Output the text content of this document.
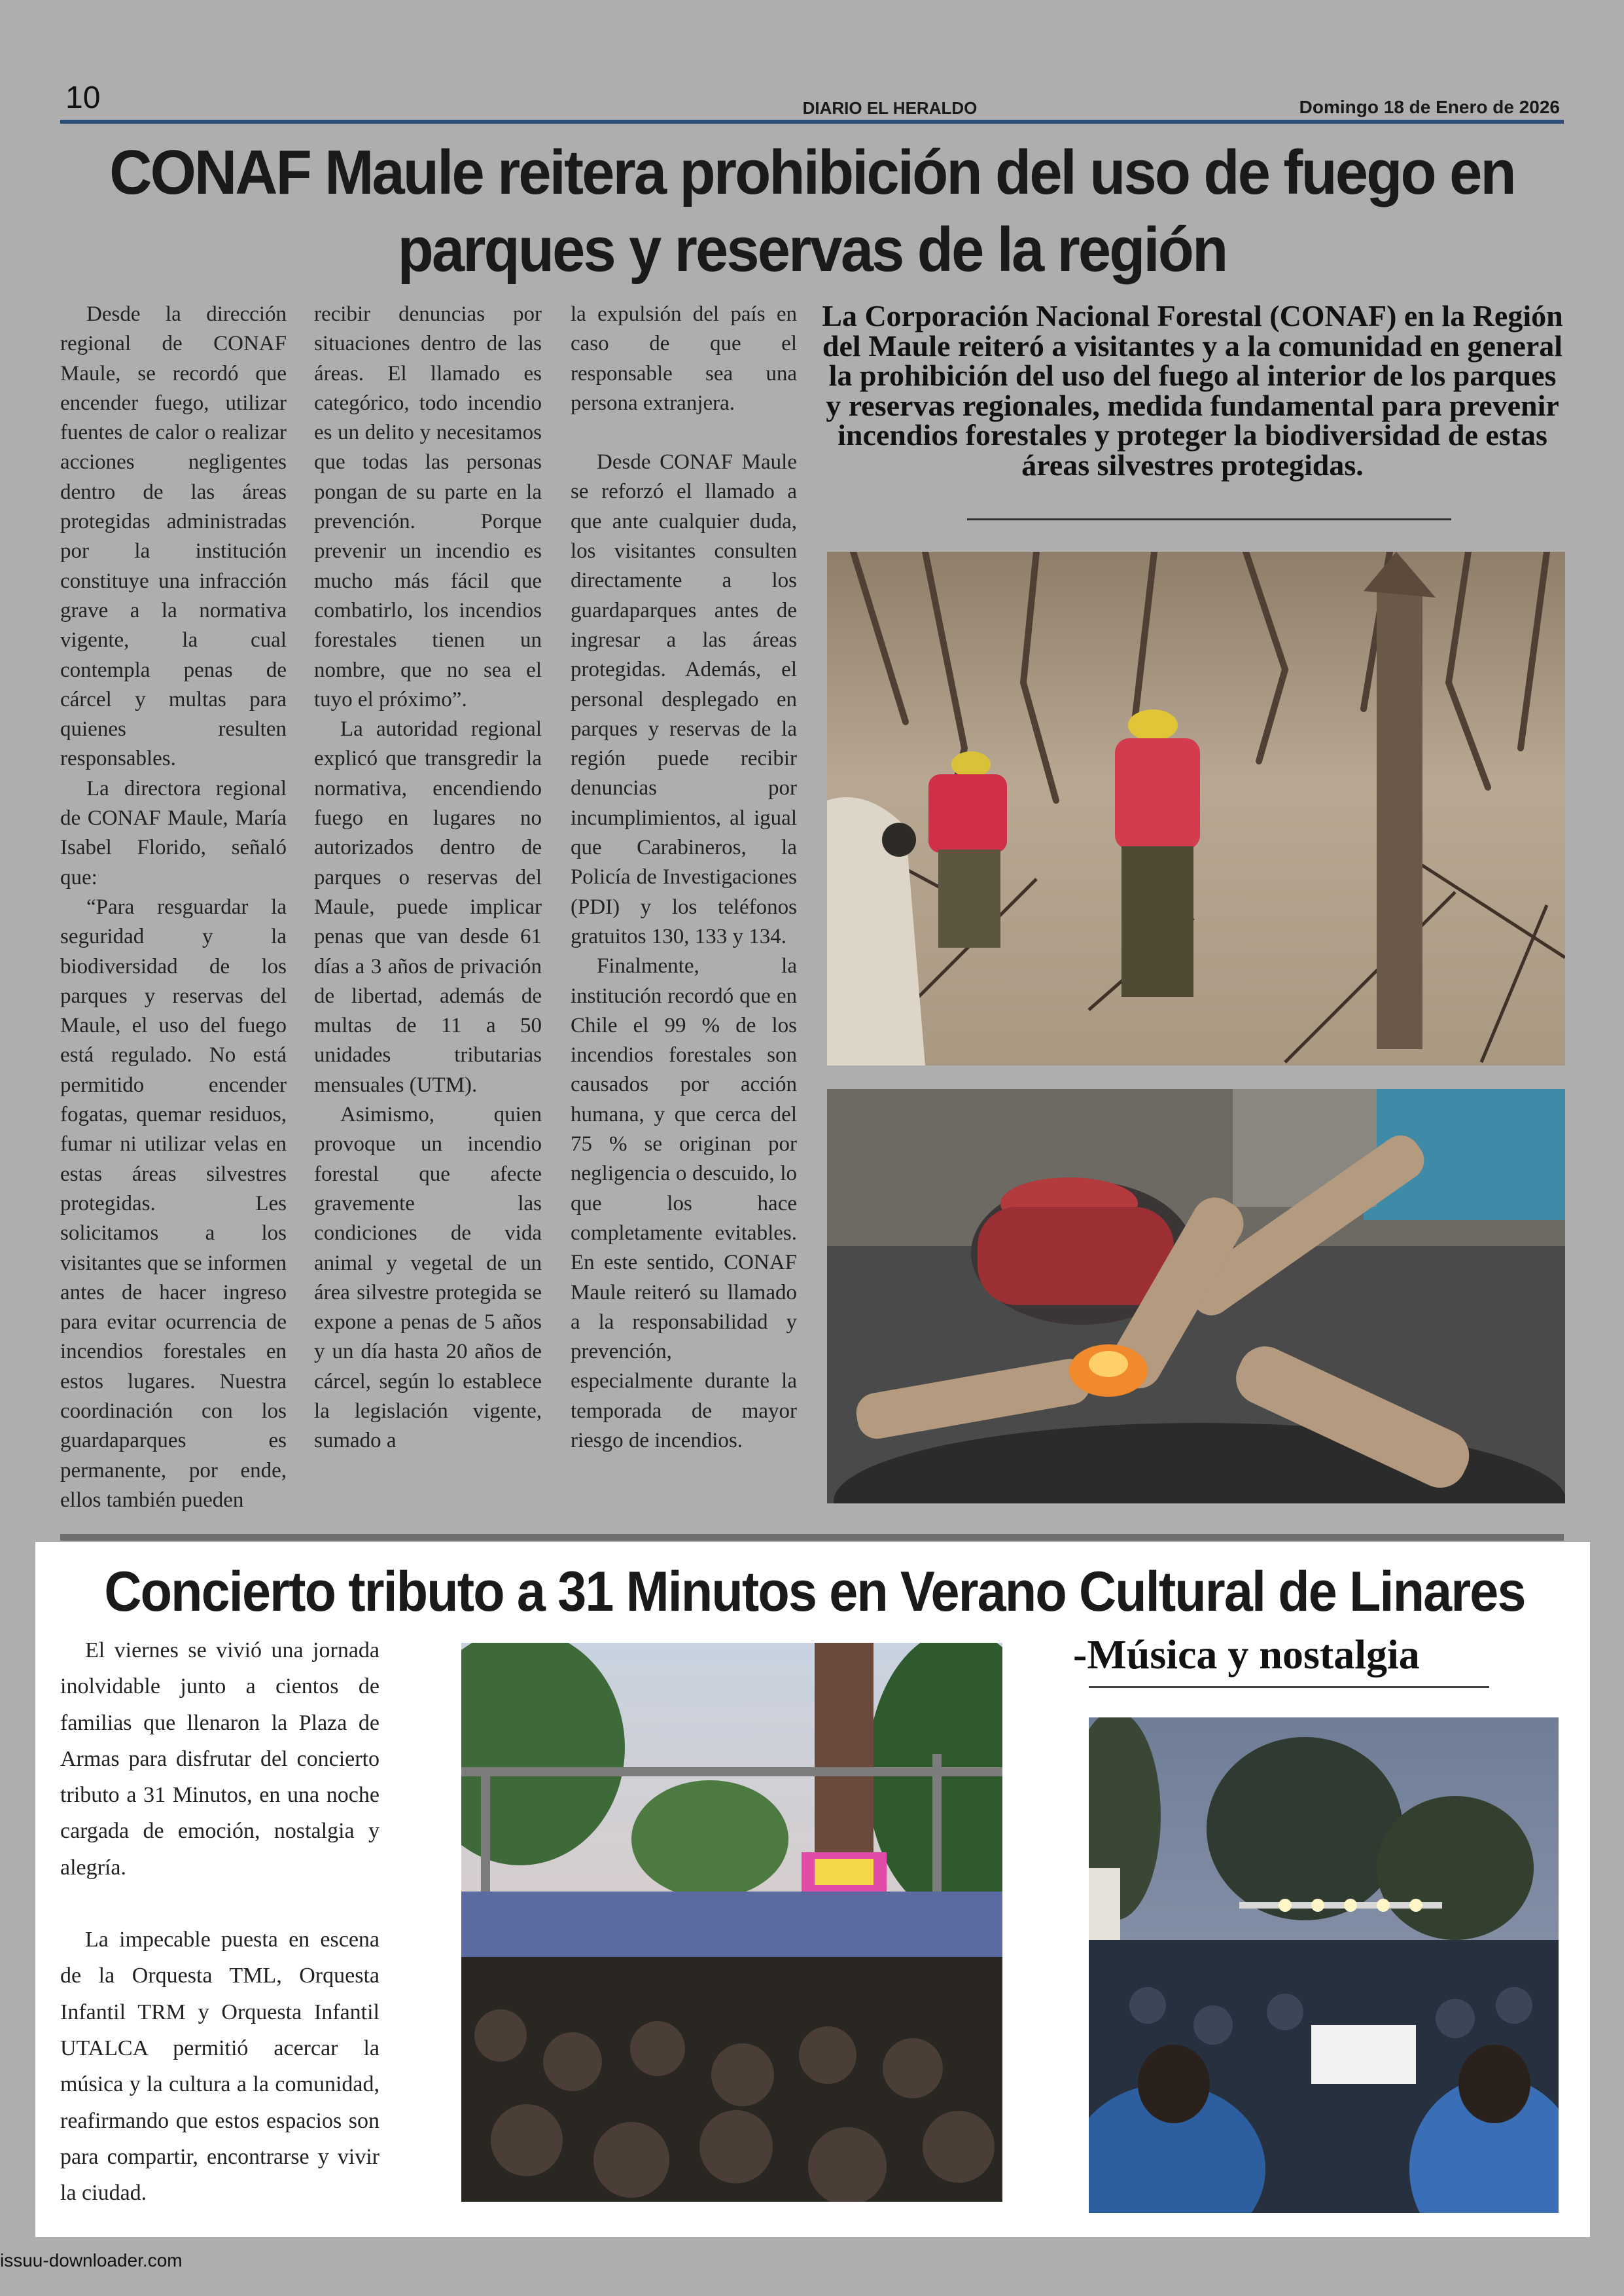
10	DIARIO EL HERALDO	Domingo 18 de Enero de 2026
CONAF Maule reitera prohibición del uso de fuego en parques y reservas de la región

Desde la dirección regional de CONAF Maule, se recordó que encender fuego, utilizar fuentes de calor o realizar acciones negligentes dentro de las áreas protegidas administradas por la institución constituye una infracción grave a la normativa vigente, la cual contempla penas de cárcel y multas para quienes resulten responsables.

La directora regional de CONAF Maule, María Isabel Florido, señaló que:

“Para resguardar la seguridad y la biodiversidad de los parques y reservas del Maule, el uso del fuego está regulado. No está permitido encender fogatas, quemar residuos, fumar ni utilizar velas en estas áreas silvestres protegidas. Les solicitamos a los visitantes que se informen antes de hacer ingreso para evitar ocurrencia de incendios forestales en estos lugares. Nuestra coordinación con los guardaparques es permanente, por ende, ellos también pueden

recibir denuncias por situaciones dentro de las áreas. El llamado es categórico, todo incendio es un delito y necesitamos que todas las personas pongan de su parte en la prevención. Porque prevenir un incendio es mucho más fácil que combatirlo, los incendios forestales tienen un nombre, que no sea el tuyo el próximo”.

La autoridad regional explicó que transgredir la normativa, encendiendo fuego en lugares no autorizados dentro de parques o reservas del Maule, puede implicar penas que van desde 61 días a 3 años de privación de libertad, además de multas de 11 a 50 unidades tributarias mensuales (UTM).

Asimismo, quien provoque un incendio forestal que afecte gravemente las condiciones de vida animal y vegetal de un área silvestre protegida se expone a penas de 5 años y un día hasta 20 años de cárcel, según lo establece la legislación vigente, sumado a

la expulsión del país en caso de que el responsable sea una persona extranjera.

Desde CONAF Maule se reforzó el llamado a que ante cualquier duda, los visitantes consulten directamente a los guardaparques antes de ingresar a las áreas protegidas. Además, el personal desplegado en parques y reservas de la región puede recibir denuncias por incumplimientos, al igual que Carabineros, la Policía de Investigaciones (PDI) y los teléfonos gratuitos 130, 133 y 134.

Finalmente, la institución recordó que en Chile el 99 % de los incendios forestales son causados por acción humana, y que cerca del 75 % se originan por negligencia o descuido, lo que los hace completamente evitables. En este sentido, CONAF Maule reiteró su llamado a la responsabilidad y prevención, especialmente durante la temporada de mayor riesgo de incendios.

La Corporación Nacional Forestal (CONAF) en la Región del Maule reiteró a visitantes y a la comunidad en general la prohibición del uso del fuego al interior de los parques y reservas regionales, medida fundamental para prevenir incendios forestales y proteger la biodiversidad de estas áreas silvestres protegidas.
Concierto tributo a 31 Minutos en Verano Cultural de Linares

El viernes se vivió una jornada inolvidable junto a cientos de familias que llenaron la Plaza de Armas para disfrutar del concierto tributo a 31 Minutos, en una noche cargada de emoción, nostalgia y alegría.

La impecable puesta en escena de la Orquesta TML, Orquesta Infantil TRM y Orquesta Infantil UTALCA permitió acercar la música y la cultura a la comunidad, reafirmando que estos espacios son para compartir, encontrarse y vivir la ciudad.

-Música y nostalgia
issuu-downloader.com
